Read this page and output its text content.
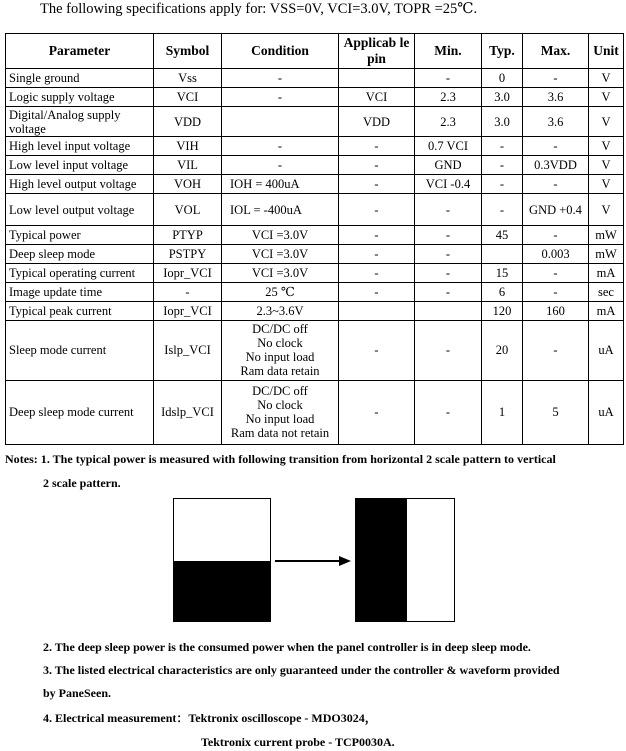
The following specifications apply for: VSS=0V, VCI=3.0V, TOPR =25℃.
Parameter	Symbol	Condition	Applicab le pin	Min.	Typ.	Max.	Unit
Single ground	Vss	-		-	0	-	V
Logic supply voltage	VCI	-	VCI	2.3	3.0	3.6	V
Digital/Analog supply voltage	VDD		VDD	2.3	3.0	3.6	V
High level input voltage	VIH	-	-	0.7 VCI	-	-	V
Low level input voltage	VIL	-	-	GND	-	0.3VDD	V
High level output voltage	VOH	IOH = 400uA	-	VCI -0.4	-	-	V
Low level output voltage	VOL	IOL = -400uA	-	-	-	GND +0.4	V
Typical power	PTYP	VCI =3.0V	-	-	45	-	mW
Deep sleep mode	PSTPY	VCI =3.0V	-	-		0.003	mW
Typical operating current	Iopr_VCI	VCI =3.0V	-	-	15	-	mA
Image update time	-	25 ℃	-	-	6	-	sec
Typical peak current	Iopr_VCI	2.3~3.6V			120	160	mA
Sleep mode current	Islp_VCI	DC/DC off
No clock
No input load
Ram data retain	-	-	20	-	uA
Deep sleep mode current	Idslp_VCI	DC/DC off
No clock
No input load
Ram data not retain	-	-	1	5	uA
Notes: 1. The typical power is measured with following transition from horizontal 2 scale pattern to vertical
2 scale pattern.
2. The deep sleep power is the consumed power when the panel controller is in deep sleep mode.
3. The listed electrical characteristics are only guaranteed under the controller & waveform provided
by PaneSeen.
4. Electrical measurement：Tektronix oscilloscope - MDO3024，
Tektronix current probe - TCP0030A.
